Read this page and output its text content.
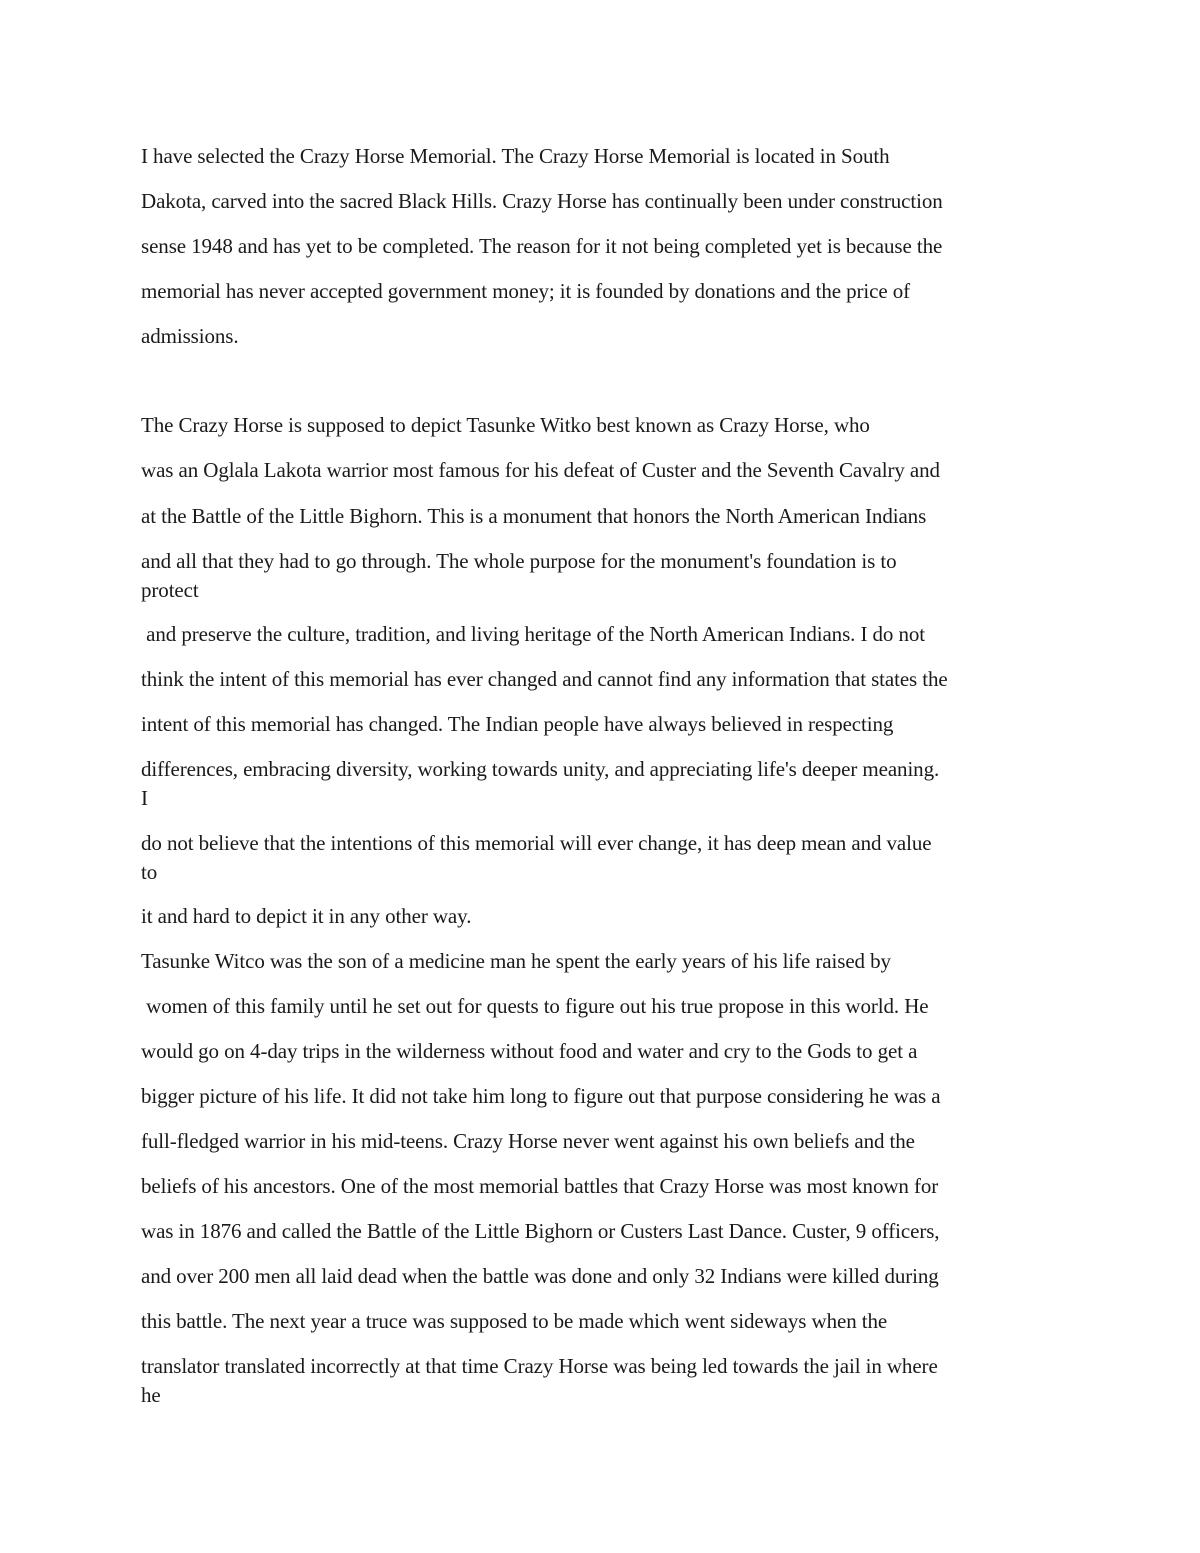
I have selected the Crazy Horse Memorial. The Crazy Horse Memorial is located in South
Dakota, carved into the sacred Black Hills. Crazy Horse has continually been under construction
sense 1948 and has yet to be completed. The reason for it not being completed yet is because the
memorial has never accepted government money; it is founded by donations and the price of
admissions.
The Crazy Horse is supposed to depict Tasunke Witko best known as Crazy Horse, who
was an Oglala Lakota warrior most famous for his defeat of Custer and the Seventh Cavalry and
at the Battle of the Little Bighorn. This is a monument that honors the North American Indians
and all that they had to go through. The whole purpose for the monument's foundation is to
protect
and preserve the culture, tradition, and living heritage of the North American Indians. I do not
think the intent of this memorial has ever changed and cannot find any information that states the
intent of this memorial has changed. The Indian people have always believed in respecting
differences, embracing diversity, working towards unity, and appreciating life's deeper meaning.
I
do not believe that the intentions of this memorial will ever change, it has deep mean and value
to
it and hard to depict it in any other way.
Tasunke Witco was the son of a medicine man he spent the early years of his life raised by
women of this family until he set out for quests to figure out his true propose in this world. He
would go on 4-day trips in the wilderness without food and water and cry to the Gods to get a
bigger picture of his life. It did not take him long to figure out that purpose considering he was a
full-fledged warrior in his mid-teens. Crazy Horse never went against his own beliefs and the
beliefs of his ancestors. One of the most memorial battles that Crazy Horse was most known for
was in 1876 and called the Battle of the Little Bighorn or Custers Last Dance. Custer, 9 officers,
and over 200 men all laid dead when the battle was done and only 32 Indians were killed during
this battle. The next year a truce was supposed to be made which went sideways when the
translator translated incorrectly at that time Crazy Horse was being led towards the jail in where
he
